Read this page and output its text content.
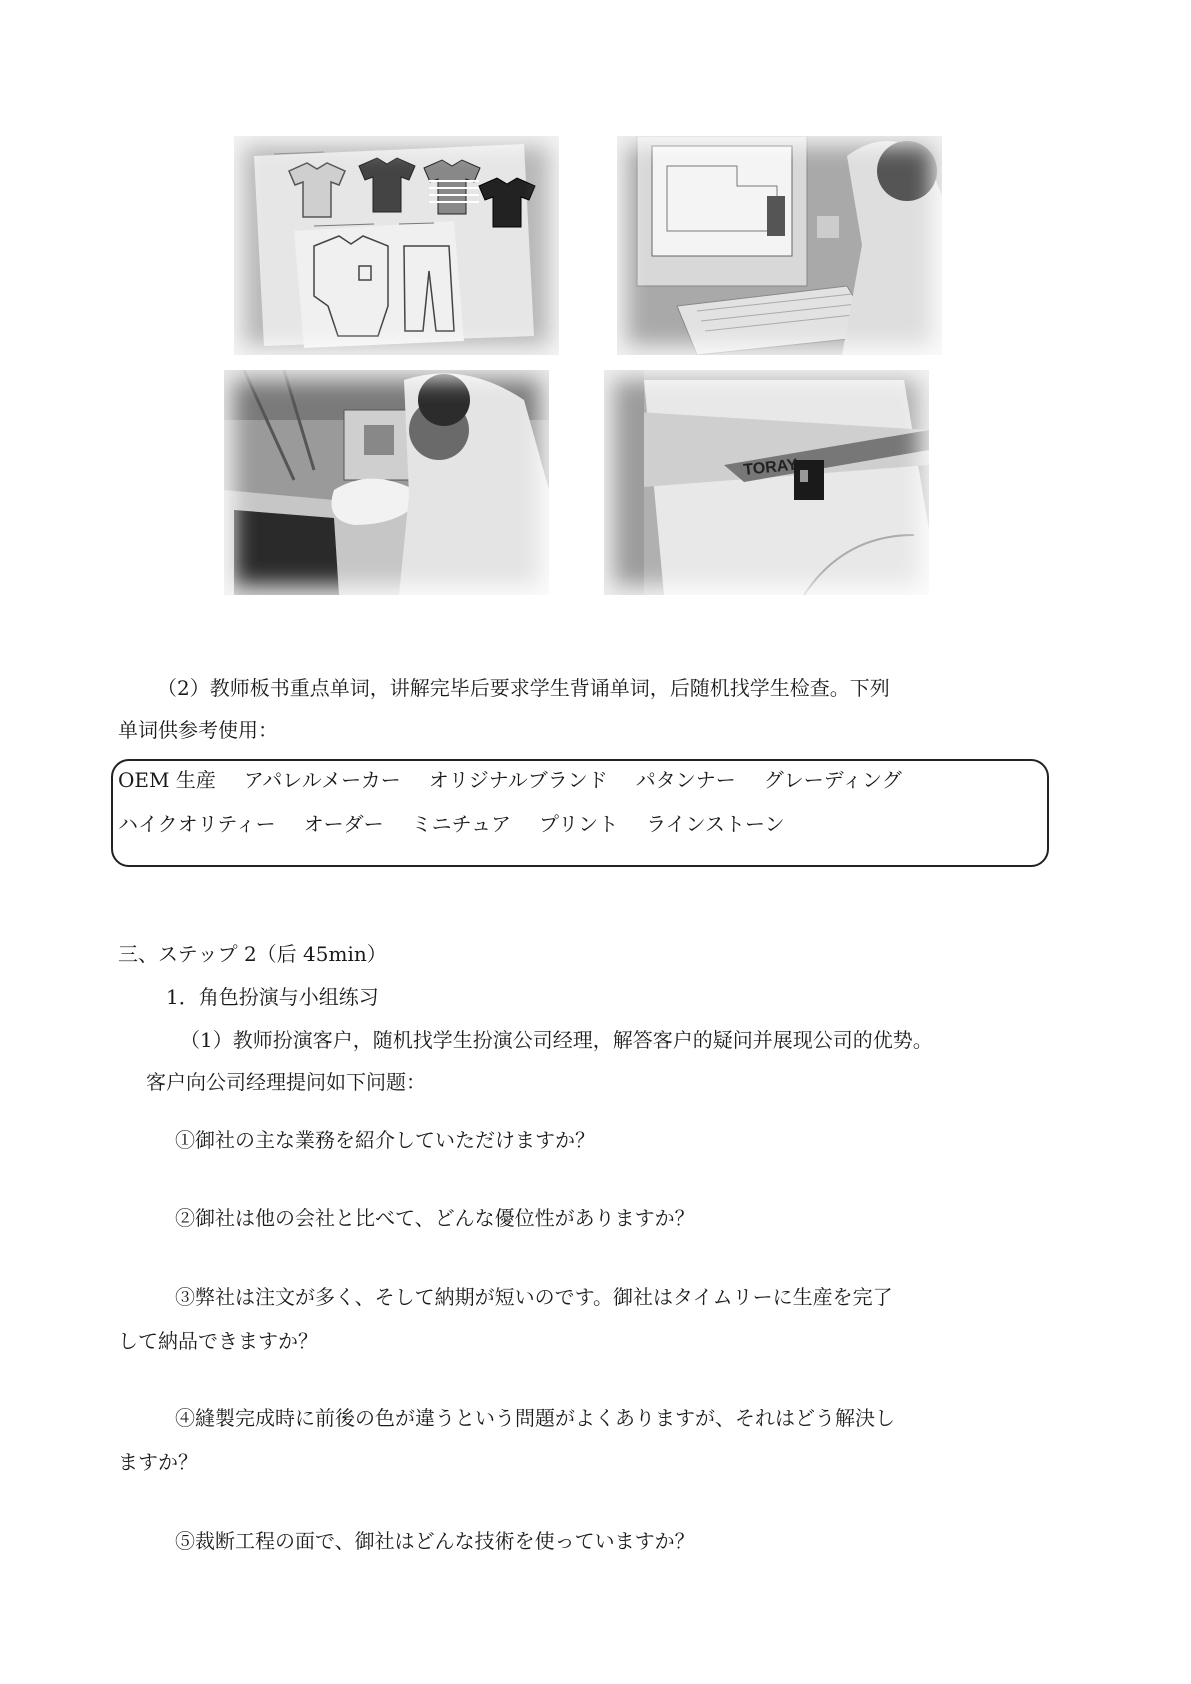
TORAY

（2）教师板书重点单词，讲解完毕后要求学生背诵单词，后随机找学生检查。下列

单词供参考使用：

OEM 生産 アパレルメーカー オリジナルブランド パタンナー グレーディング
ハイクオリティー オーダー ミニチュア プリント ラインストーン

三、ステップ 2（后 45min）

1．角色扮演与小组练习

（1）教师扮演客户，随机找学生扮演公司经理，解答客户的疑问并展现公司的优势。

客户向公司经理提问如下问题：

①御社の主な業務を紹介していただけますか？

②御社は他の会社と比べて、どんな優位性がありますか？

③弊社は注文が多く、そして納期が短いのです。御社はタイムリーに生産を完了

して納品できますか？

④縫製完成時に前後の色が違うという問題がよくありますが、それはどう解決し

ますか？

⑤裁断工程の面で、御社はどんな技術を使っていますか？
